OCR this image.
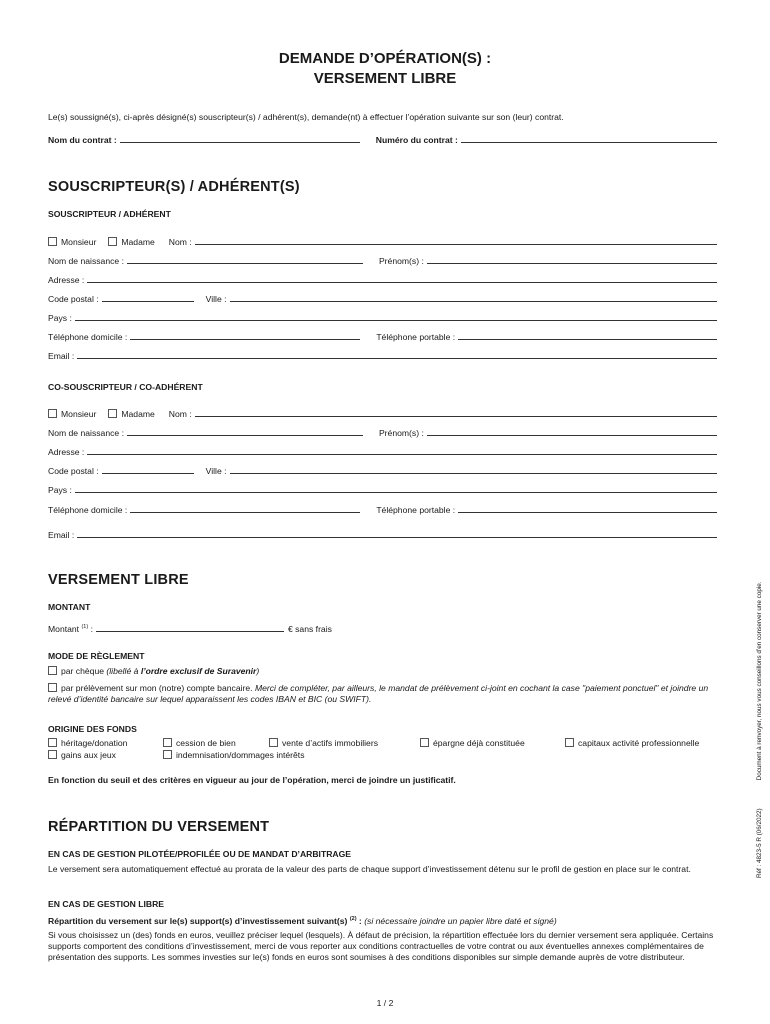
DEMANDE D’OPÉRATION(S) :
VERSEMENT LIBRE
Le(s) soussigné(s), ci-après désigné(s) souscripteur(s) / adhérent(s), demande(nt) à effectuer l’opération suivante sur son (leur) contrat.
Nom du contrat :	Numéro du contrat :
SOUSCRIPTEUR(S) / ADHÉRENT(S)
SOUSCRIPTEUR / ADHÉRENT
Monsieur	Madame Nom :
Nom de naissance :	Prénom(s) :
Adresse :
Code postal :	Ville :
Pays :
Téléphone domicile :	Téléphone portable :
Email :
CO-SOUSCRIPTEUR / CO-ADHÉRENT
Monsieur	Madame Nom :
Nom de naissance :	Prénom(s) :
Adresse :
Code postal :	Ville :
Pays :
Téléphone domicile :	Téléphone portable :
Email :
VERSEMENT LIBRE
MONTANT
Montant $^{(1)}$ :	€ sans frais
MODE DE RÈGLEMENT
par chèque (libellé à l’ordre exclusif de Suravenir)
par prélèvement sur mon (notre) compte bancaire. Merci de compléter, par ailleurs, le mandat de prélèvement ci-joint en cochant la case "paiement ponctuel" et joindre un relevé d’identité bancaire sur lequel apparaissent les codes IBAN et BIC (ou SWIFT).
ORIGINE DES FONDS
héritage/donation	cession de bien	vente d’actifs immobiliers	épargne déjà constituée	capitaux activité professionnelle
gains aux jeux	indemnisation/dommages intérêts
En fonction du seuil et des critères en vigueur au jour de l’opération, merci de joindre un justificatif.
RÉPARTITION DU VERSEMENT
EN CAS DE GESTION PILOTÉE/PROFILÉE OU DE MANDAT D’ARBITRAGE
Le versement sera automatiquement effectué au prorata de la valeur des parts de chaque support d’investissement détenu sur le profil de gestion en place sur le contrat.
EN CAS DE GESTION LIBRE
Répartition du versement sur le(s) support(s) d’investissement suivant(s) $^{(2)}$ : (si nécessaire joindre un papier libre daté et signé)
Si vous choisissez un (des) fonds en euros, veuillez préciser lequel (lesquels). À défaut de précision, la répartition effectuée lors du dernier versement sera appliquée. Certains supports comportent des conditions d’investissement, merci de vous reporter aux conditions contractuelles de votre contrat ou aux éventuelles annexes complémentaires de présentation des supports. Les sommes investies sur le(s) fonds en euros sont soumises à des conditions disponibles sur simple demande auprès de votre distributeur.
Réf : 4823-5 R (06/2022)Document à renvoyer, nous vous conseillons d’en conserver une copie.
1 / 2
